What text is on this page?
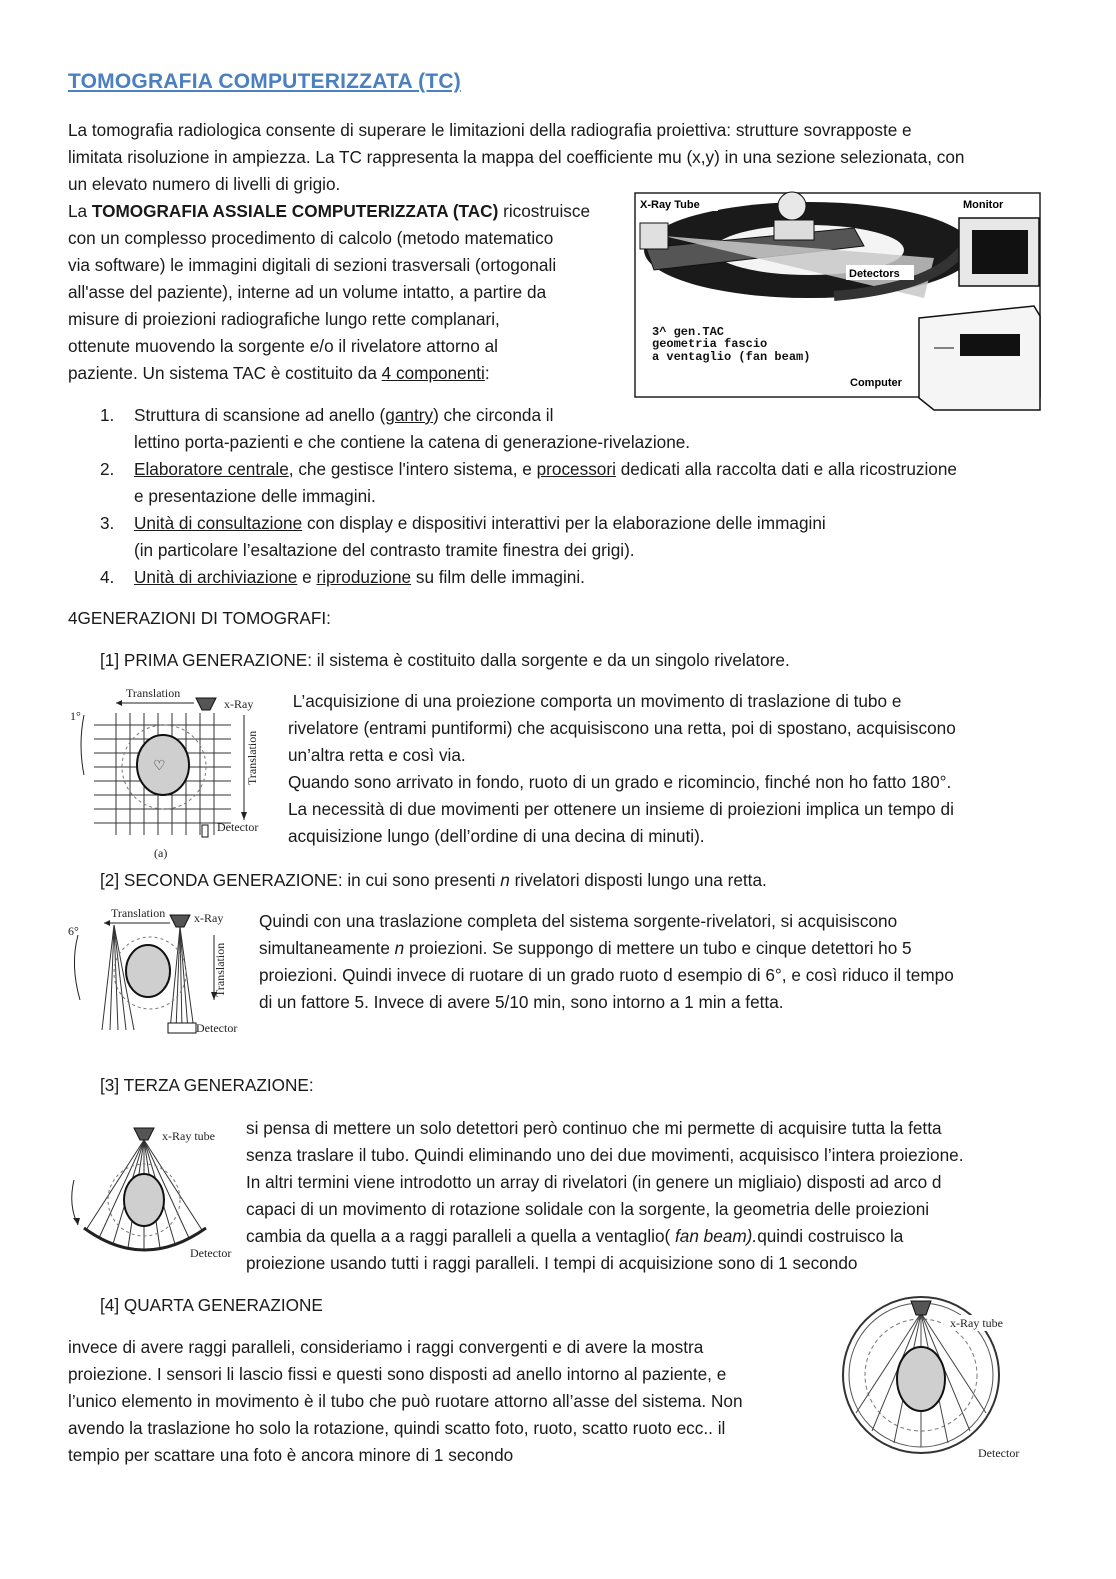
TOMOGRAFIA COMPUTERIZZATA (TC)
La tomografia radiologica consente di superare le limitazioni della radiografia proiettiva: strutture sovrapposte e
limitata risoluzione in ampiezza. La TC rappresenta la mappa del coefficiente mu (x,y) in una sezione selezionata, con
un elevato numero di livelli di grigio.
La TOMOGRAFIA ASSIALE COMPUTERIZZATA (TAC) ricostruisce
con un complesso procedimento di calcolo (metodo matematico
via software) le immagini digitali di sezioni trasversali (ortogonali
all'asse del paziente), interne ad un volume intatto, a partire da
misure di proiezioni radiografiche lungo rette complanari,
ottenute muovendo la sorgente e/o il rivelatore attorno al
paziente. Un sistema TAC è costituito da 4 componenti:
X-Ray Tube
Detectors
Monitor
Computer
3^ gen.TAC
geometria fascio
a ventaglio (fan beam)
1. Struttura di scansione ad anello (gantry) che circonda il
lettino porta-pazienti e che contiene la catena di generazione-rivelazione.
2. Elaboratore centrale, che gestisce l'intero sistema, e processori dedicati alla raccolta dati e alla ricostruzione
e presentazione delle immagini.
3. Unità di consultazione con display e dispositivi interattivi per la elaborazione delle immagini
(in particolare l’esaltazione del contrasto tramite finestra dei grigi).
4. Unità di archiviazione e riproduzione su film delle immagini.
4GENERAZIONI DI TOMOGRAFI:
[1] PRIMA GENERAZIONE: il sistema è costituito dalla sorgente e da un singolo rivelatore.
Translation
x-Ray
1°
♡	Translation
Detector
(a)
L’acquisizione di una proiezione comporta un movimento di traslazione di tubo e
rivelatore (entrami puntiformi) che acquisiscono una retta, poi di spostano, acquisiscono
un’altra retta e così via.
Quando sono arrivato in fondo, ruoto di un grado e ricomincio, finché non ho fatto 180°.
La necessità di due movimenti per ottenere un insieme di proiezioni implica un tempo di
acquisizione lungo (dell’ordine di una decina di minuti).
[2] SECONDA GENERAZIONE: in cui sono presenti n rivelatori disposti lungo una retta.
Translation x-Ray
6°
Translation
Detector
Quindi con una traslazione completa del sistema sorgente-rivelatori, si acquisiscono
simultaneamente n proiezioni. Se suppongo di mettere un tubo e cinque detettori ho 5
proiezioni. Quindi invece di ruotare di un grado ruoto d esempio di 6°, e così riduco il tempo
di un fattore 5. Invece di avere 5/10 min, sono intorno a 1 min a fetta.
[3] TERZA GENERAZIONE:
x-Ray tube
Detector
si pensa di mettere un solo detettori però continuo che mi permette di acquisire tutta la fetta
senza traslare il tubo. Quindi eliminando uno dei due movimenti, acquisisco l’intera proiezione.
In altri termini viene introdotto un array di rivelatori (in genere un migliaio) disposti ad arco d
capaci di un movimento di rotazione solidale con la sorgente, la geometria delle proiezioni
cambia da quella a a raggi paralleli a quella a ventaglio( fan beam).quindi costruisco la
proiezione usando tutti i raggi paralleli. I tempi di acquisizione sono di 1 secondo
[4] QUARTA GENERAZIONE
invece di avere raggi paralleli, consideriamo i raggi convergenti e di avere la mostra
proiezione. I sensori li lascio fissi e questi sono disposti ad anello intorno al paziente, e
l’unico elemento in movimento è il tubo che può ruotare attorno all’asse del sistema. Non
avendo la traslazione ho solo la rotazione, quindi scatto foto, ruoto, scatto ruoto ecc.. il
tempio per scattare una foto è ancora minore di 1 secondo
x-Ray tube
Detector
